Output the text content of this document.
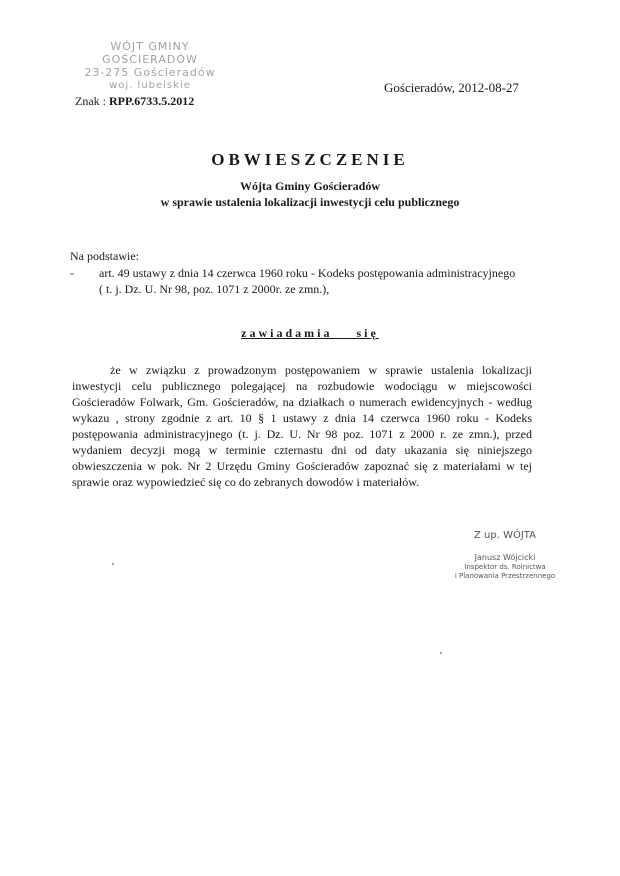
WÓJT GMINY GOŚCIERADÓW
23-275 Gościeradów
woj. lubelskie	Gościeradów, 2012-08-27
Znak : RPP.6733.5.2012
OBWIESZCZENIE
Wójta Gminy Gościeradów
w sprawie ustalenia lokalizacji inwestycji celu publicznego
Na podstawie:
- art. 49 ustawy z dnia 14 czerwca 1960 roku - Kodeks postępowania administracyjnego
( t. j. Dz. U. Nr 98, poz. 1071 z 2000r. ze zmn.),
zawiadamia    się
że w związku z prowadzonym postępowaniem w sprawie ustalenia lokalizacji inwestycji celu publicznego polegającej na rozbudowie wodociągu w miejscowości Gościeradów Folwark, Gm. Gościeradów, na działkach o numerach ewidencyjnych - według wykazu , strony zgodnie z art. 10 § 1 ustawy z dnia 14 czerwca 1960 roku - Kodeks postępowania administracyjnego (t. j. Dz. U. Nr 98 poz. 1071 z 2000 r. ze zmn.), przed wydaniem decyzji mogą w terminie czternastu dni od daty ukazania się niniejszego obwieszczenia w pok. Nr 2 Urzędu Gminy Gościeradów zapoznać się z materiałami w tej sprawie oraz wypowiedzieć się co do zebranych dowodów i materiałów.
Z up. WÓJTA
Janusz Wójcicki
Inspektor ds. Rolnictwa
i Planowania Przestrzennego
